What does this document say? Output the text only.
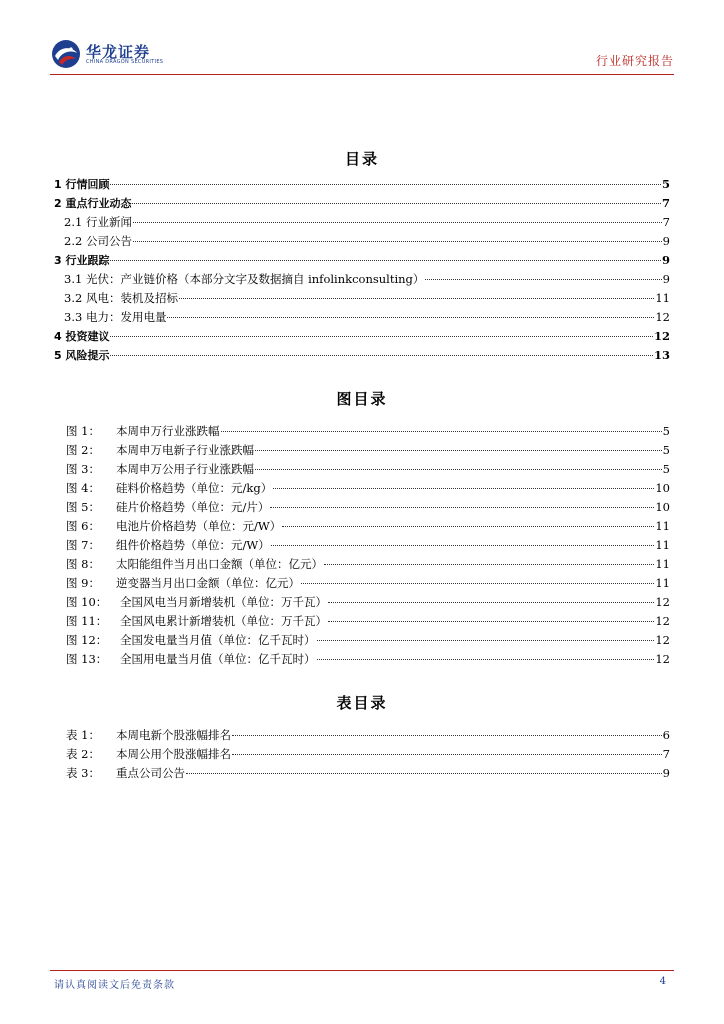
华龙证券
CHINA DRAGON SECURITIES	行业研究报告
目录
1 行情回顾	5
2 重点行业动态	7
2.1 行业新闻	7
2.2 公司公告	9
3 行业跟踪	9
3.1 光伏：产业链价格（本部分文字及数据摘自 infolinkconsulting）	9
3.2 风电：装机及招标	11
3.3 电力：发用电量	12
4 投资建议	12
5 风险提示	13
图目录
图 1： 本周申万行业涨跌幅	5
图 2： 本周申万电新子行业涨跌幅	5
图 3： 本周申万公用子行业涨跌幅	5
图 4： 硅料价格趋势（单位：元/kg）	10
图 5： 硅片价格趋势（单位：元/片）	10
图 6： 电池片价格趋势（单位：元/W）	11
图 7： 组件价格趋势（单位：元/W）	11
图 8： 太阳能组件当月出口金额（单位：亿元）	11
图 9： 逆变器当月出口金额（单位：亿元）	11
图 10： 全国风电当月新增装机（单位：万千瓦）	12
图 11： 全国风电累计新增装机（单位：万千瓦）	12
图 12： 全国发电量当月值（单位：亿千瓦时）	12
图 13： 全国用电量当月值（单位：亿千瓦时）	12
表目录
表 1： 本周电新个股涨幅排名	6
表 2： 本周公用个股涨幅排名	7
表 3： 重点公司公告	9
请认真阅读文后免责条款	4
